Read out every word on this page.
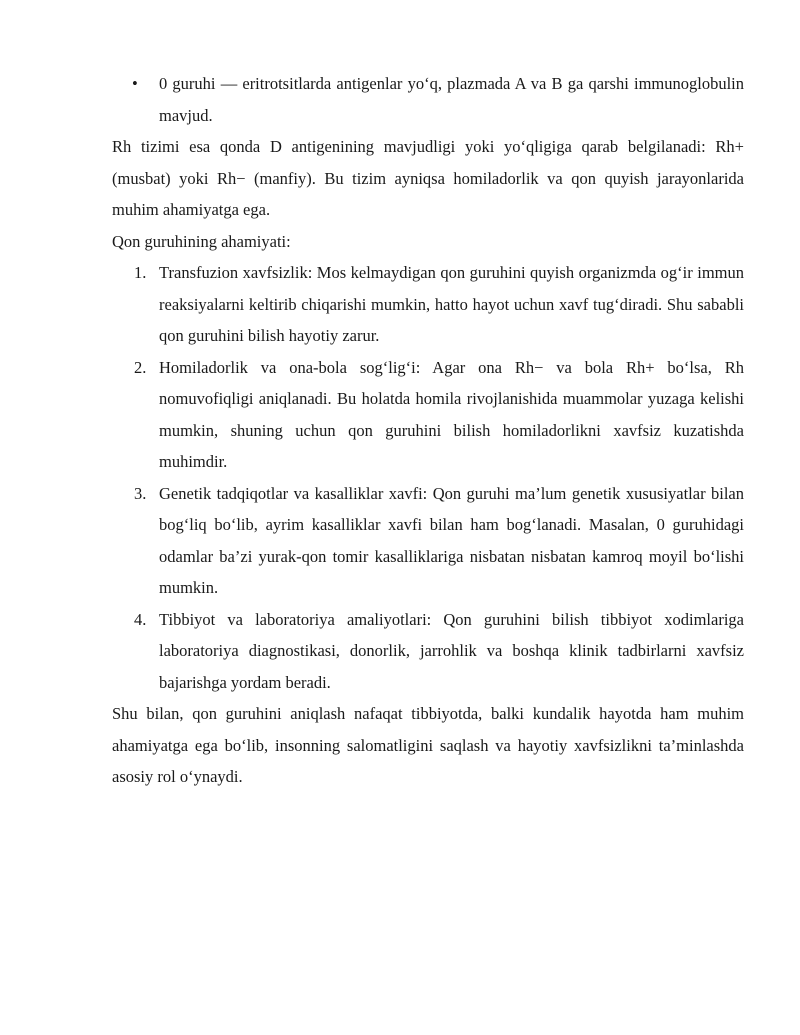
• 0 guruhi — eritrotsitlarda antigenlar yo‘q, plazmada A va B ga qarshi immunoglobulin mavjud.

Rh tizimi esa qonda D antigenining mavjudligi yoki yo‘qligiga qarab belgilanadi: Rh+ (musbat) yoki Rh− (manfiy). Bu tizim ayniqsa homiladorlik va qon quyish jarayonlarida muhim ahamiyatga ega.

Qon guruhining ahamiyati:

1. Transfuzion xavfsizlik: Mos kelmaydigan qon guruhini quyish organizmda og‘ir immun reaksiyalarni keltirib chiqarishi mumkin, hatto hayot uchun xavf tug‘diradi. Shu sababli qon guruhini bilish hayotiy zarur.
2. Homiladorlik va ona-bola sog‘lig‘i: Agar ona Rh− va bola Rh+ bo‘lsa, Rh nomuvofiqligi aniqlanadi. Bu holatda homila rivojlanishida muammolar yuzaga kelishi mumkin, shuning uchun qon guruhini bilish homiladorlikni xavfsiz kuzatishda muhimdir.
3. Genetik tadqiqotlar va kasalliklar xavfi: Qon guruhi ma’lum genetik xususiyatlar bilan bog‘liq bo‘lib, ayrim kasalliklar xavfi bilan ham bog‘lanadi. Masalan, 0 guruhidagi odamlar ba’zi yurak-qon tomir kasalliklariga nisbatan nisbatan kamroq moyil bo‘lishi mumkin.
4. Tibbiyot va laboratoriya amaliyotlari: Qon guruhini bilish tibbiyot xodimlariga laboratoriya diagnostikasi, donorlik, jarrohlik va boshqa klinik tadbirlarni xavfsiz bajarishga yordam beradi.

Shu bilan, qon guruhini aniqlash nafaqat tibbiyotda, balki kundalik hayotda ham muhim ahamiyatga ega bo‘lib, insonning salomatligini saqlash va hayotiy xavfsizlikni ta’minlashda asosiy rol o‘ynaydi.
